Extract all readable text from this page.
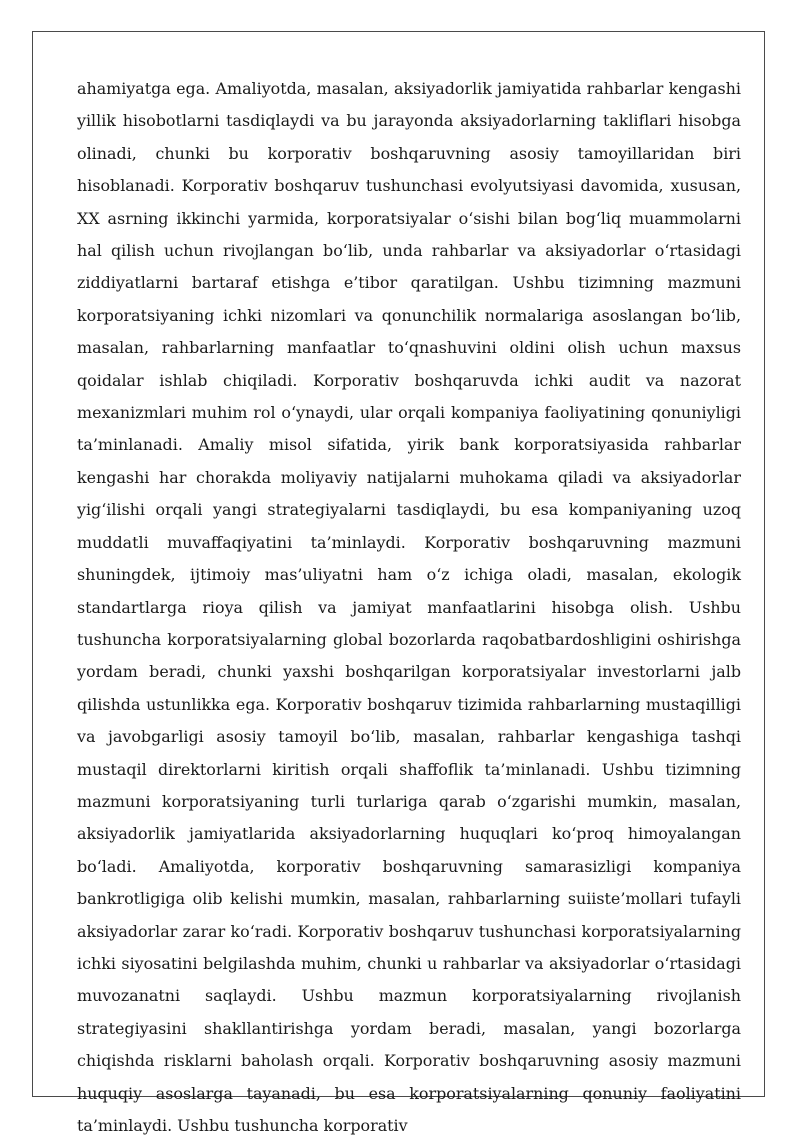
ahamiyatga ega. Amaliyotda, masalan, aksiyadorlik jamiyatida rahbarlar kengashi yillik hisobotlarni tasdiqlaydi va bu jarayonda aksiyadorlarning takliflari hisobga olinadi, chunki bu korporativ boshqaruvning asosiy tamoyillaridan biri hisoblanadi. Korporativ boshqaruv tushunchasi evolyutsiyasi davomida, xususan, XX asrning ikkinchi yarmida, korporatsiyalar o‘sishi bilan bog‘liq muammolarni hal qilish uchun rivojlangan bo‘lib, unda rahbarlar va aksiyadorlar o‘rtasidagi ziddiyatlarni bartaraf etishga e’tibor qaratilgan. Ushbu tizimning mazmuni korporatsiyaning ichki nizomlari va qonunchilik normalariga asoslangan bo‘lib, masalan, rahbarlarning manfaatlar to‘qnashuvini oldini olish uchun maxsus qoidalar ishlab chiqiladi. Korporativ boshqaruvda ichki audit va nazorat mexanizmlari muhim rol o‘ynaydi, ular orqali kompaniya faoliyatining qonuniyligi ta’minlanadi. Amaliy misol sifatida, yirik bank korporatsiyasida rahbarlar kengashi har chorakda moliyaviy natijalarni muhokama qiladi va aksiyadorlar yig‘ilishi orqali yangi strategiyalarni tasdiqlaydi, bu esa kompaniyaning uzoq muddatli muvaffaqiyatini ta’minlaydi. Korporativ boshqaruvning mazmuni shuningdek, ijtimoiy mas’uliyatni ham o‘z ichiga oladi, masalan, ekologik standartlarga rioya qilish va jamiyat manfaatlarini hisobga olish. Ushbu tushuncha korporatsiyalarning global bozorlarda raqobatbardoshligini oshirishga yordam beradi, chunki yaxshi boshqarilgan korporatsiyalar investorlarni jalb qilishda ustunlikka ega. Korporativ boshqaruv tizimida rahbarlarning mustaqilligi va javobgarligi asosiy tamoyil bo‘lib, masalan, rahbarlar kengashiga tashqi mustaqil direktorlarni kiritish orqali shaffoflik ta’minlanadi. Ushbu tizimning mazmuni korporatsiyaning turli turlariga qarab o‘zgarishi mumkin, masalan, aksiyadorlik jamiyatlarida aksiyadorlarning huquqlari ko‘proq himoyalangan bo‘ladi. Amaliyotda, korporativ boshqaruvning samarasizligi kompaniya bankrotligiga olib kelishi mumkin, masalan, rahbarlarning suiiste’mollari tufayli aksiyadorlar zarar ko‘radi. Korporativ boshqaruv tushunchasi korporatsiyalarning ichki siyosatini belgilashda muhim, chunki u rahbarlar va aksiyadorlar o‘rtasidagi muvozanatni saqlaydi. Ushbu mazmun korporatsiyalarning rivojlanish strategiyasini shakllantirishga yordam beradi, masalan, yangi bozorlarga chiqishda risklarni baholash orqali. Korporativ boshqaruvning asosiy mazmuni huquqiy asoslarga tayanadi, bu esa korporatsiyalarning qonuniy faoliyatini ta’minlaydi. Ushbu tushuncha korporativ
